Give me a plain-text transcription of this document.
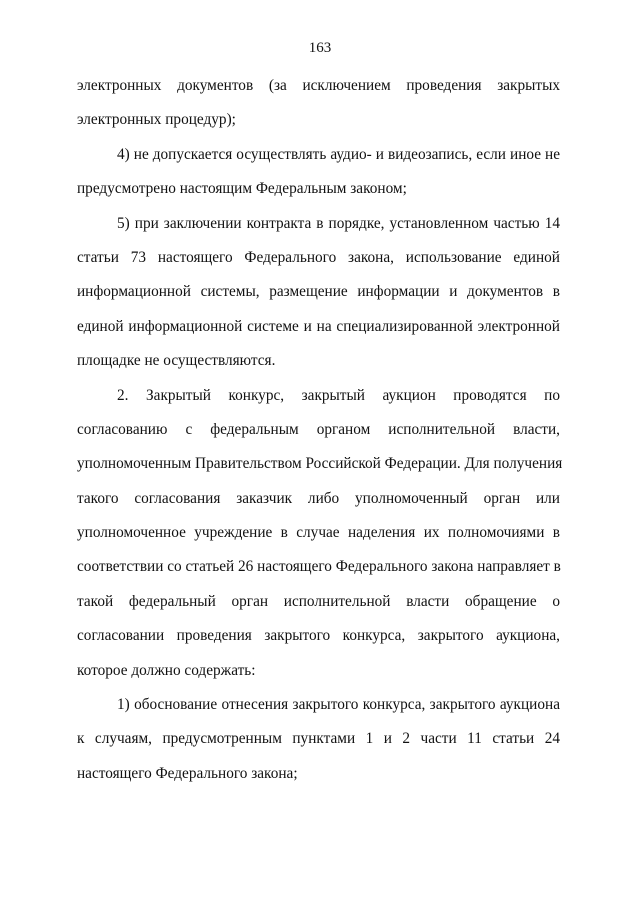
163
электронных документов (за исключением проведения закрытых
электронных процедур);
4) не допускается осуществлять аудио- и видеозапись, если иное не
предусмотрено настоящим Федеральным законом;
5) при заключении контракта в порядке, установленном частью 14
статьи 73 настоящего Федерального закона, использование единой
информационной системы, размещение информации и документов в
единой информационной системе и на специализированной электронной
площадке не осуществляются.
2. Закрытый конкурс, закрытый аукцион проводятся по
согласованию с федеральным органом исполнительной власти,
уполномоченным Правительством Российской Федерации. Для получения
такого согласования заказчик либо уполномоченный орган или
уполномоченное учреждение в случае наделения их полномочиями в
соответствии со статьей 26 настоящего Федерального закона направляет в
такой федеральный орган исполнительной власти обращение о
согласовании проведения закрытого конкурса, закрытого аукциона,
которое должно содержать:
1) обоснование отнесения закрытого конкурса, закрытого аукциона
к случаям, предусмотренным пунктами 1 и 2 части 11 статьи 24
настоящего Федерального закона;
